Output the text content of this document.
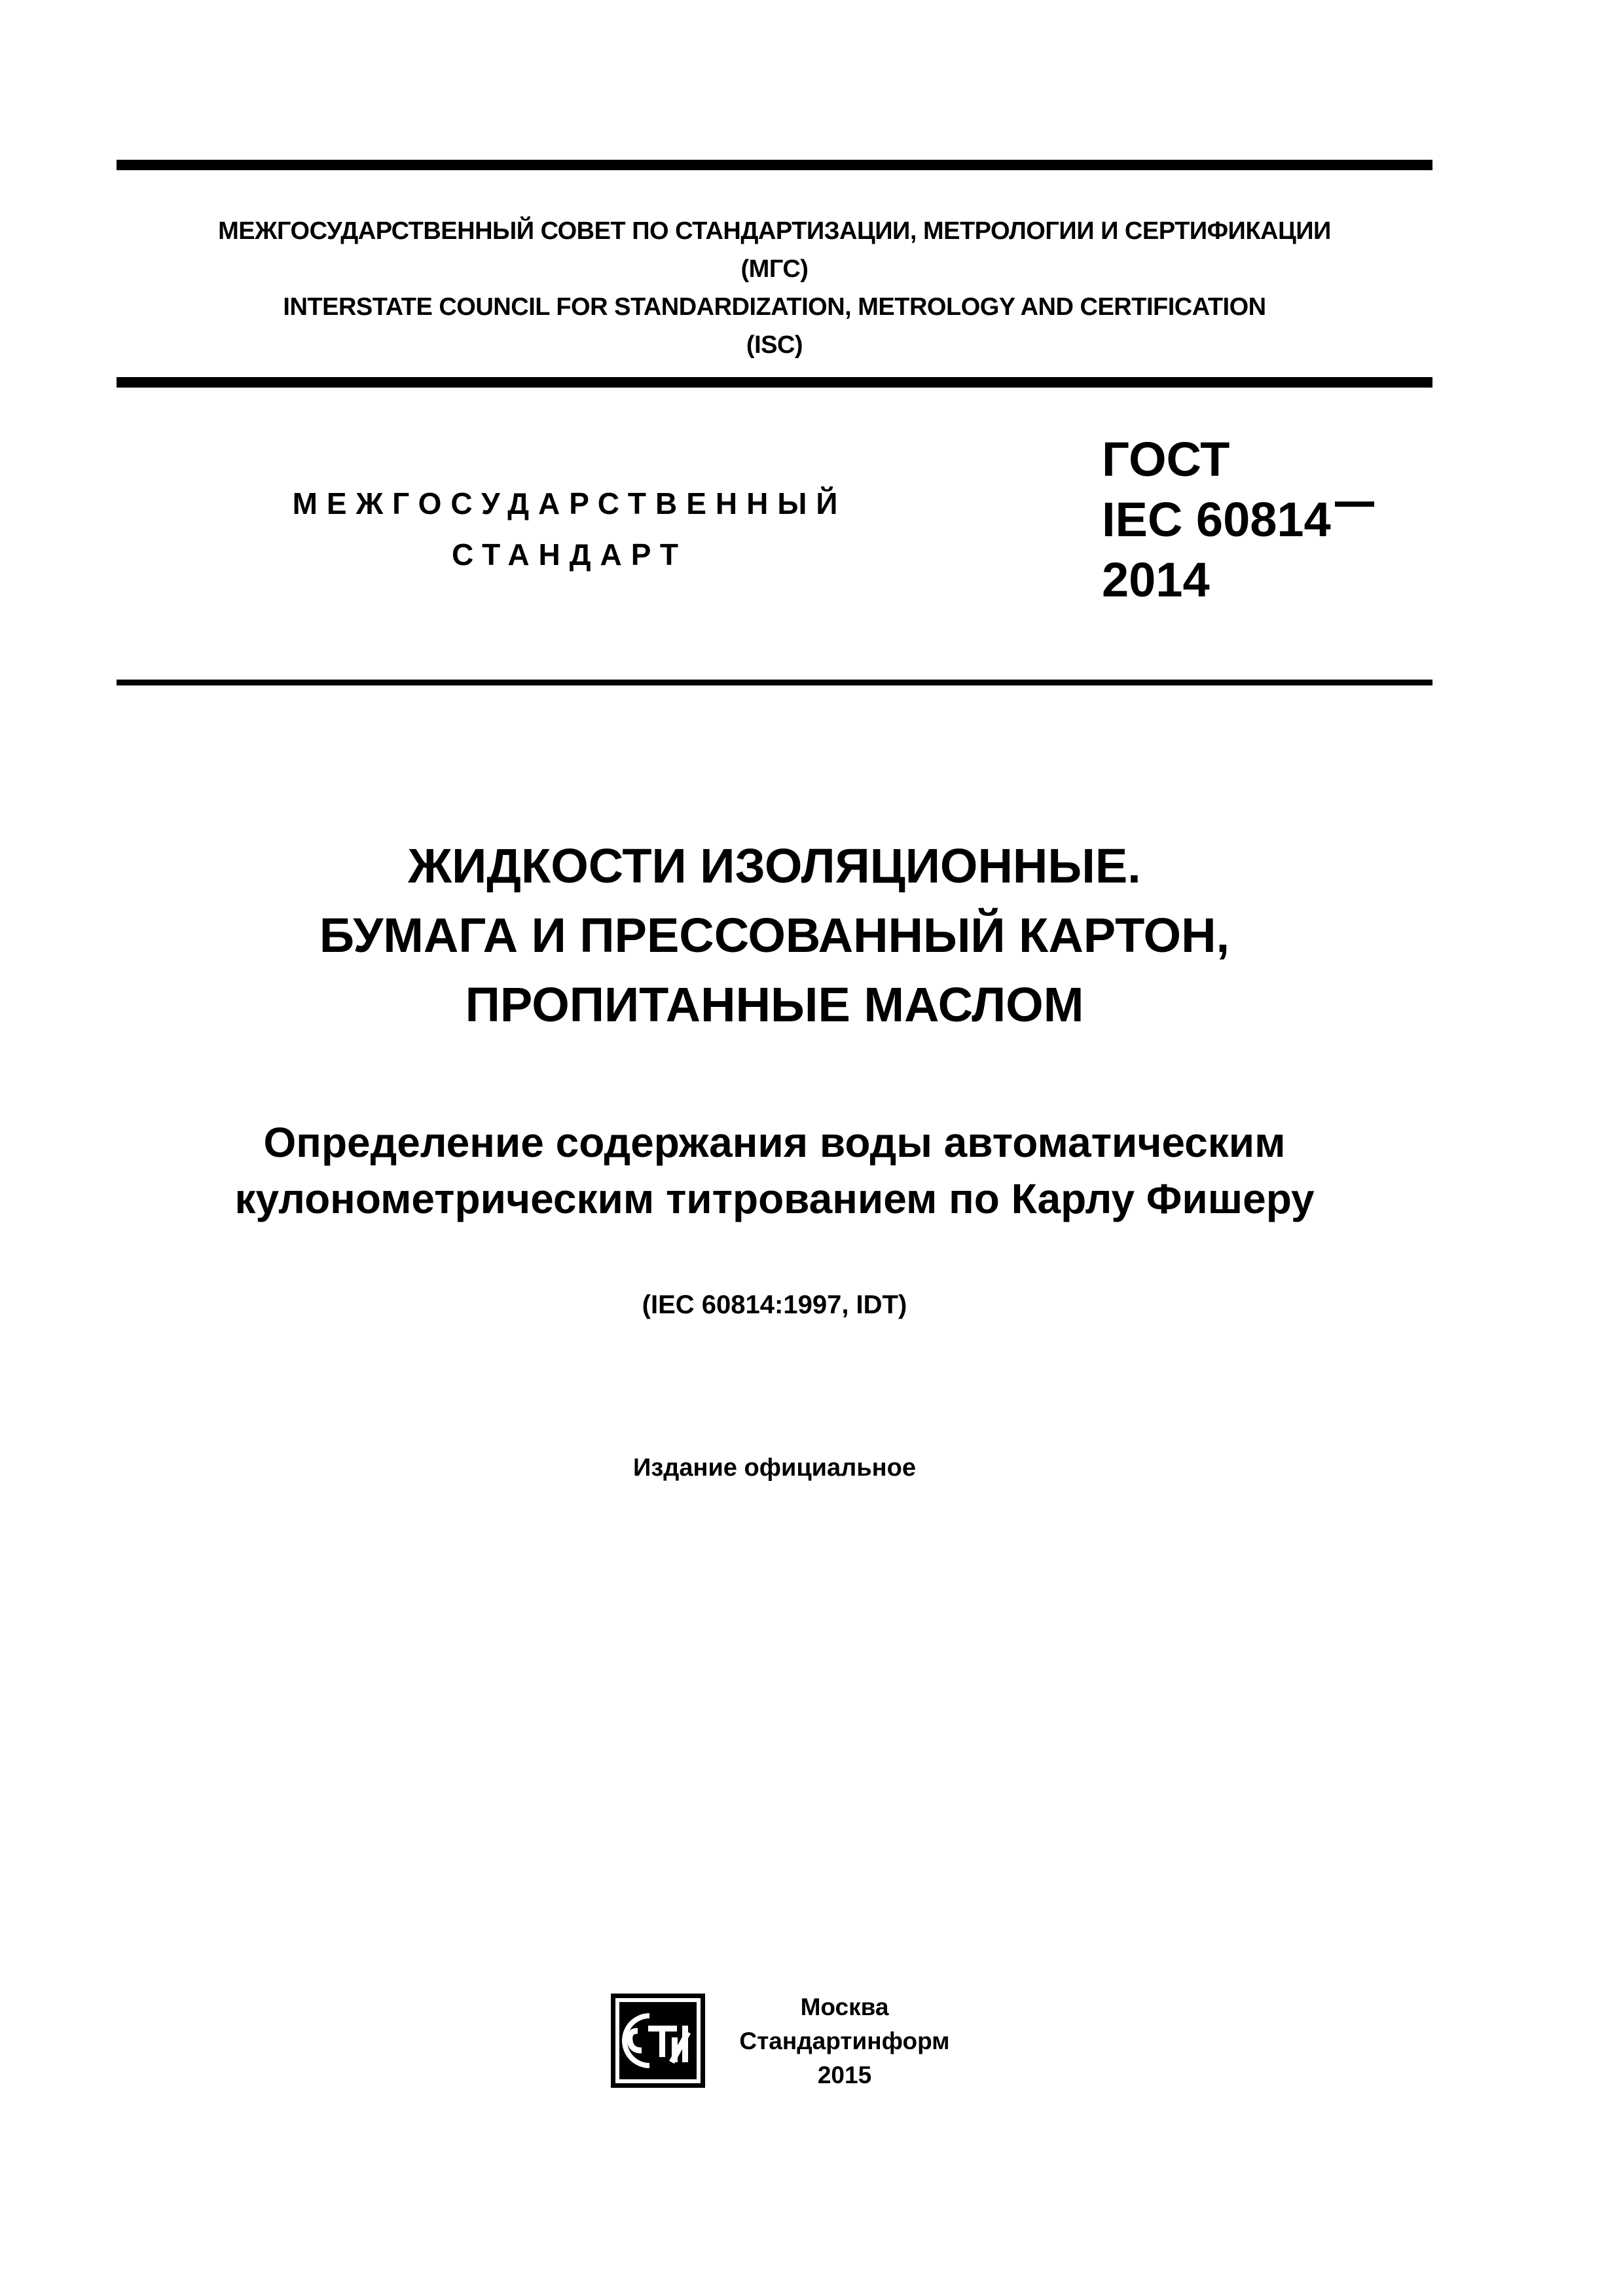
МЕЖГОСУДАРСТВЕННЫЙ СОВЕТ ПО СТАНДАРТИЗАЦИИ, МЕТРОЛОГИИ И СЕРТИФИКАЦИИ
(МГС)
INTERSTATE COUNCIL FOR STANDARDIZATION, METROLOGY AND CERTIFICATION
(ISC)
МЕЖГОСУДАРСТВЕННЫЙ
СТАНДАРТ
ГОСТ
IEC 60814
2014
ЖИДКОСТИ ИЗОЛЯЦИОННЫЕ.
БУМАГА И ПРЕССОВАННЫЙ КАРТОН,
ПРОПИТАННЫЕ МАСЛОМ
Определение содержания воды автоматическим
кулонометрическим титрованием по Карлу Фишеру
(IEC 60814:1997, IDT)
Издание официальное
Москва
Стандартинформ
2015
